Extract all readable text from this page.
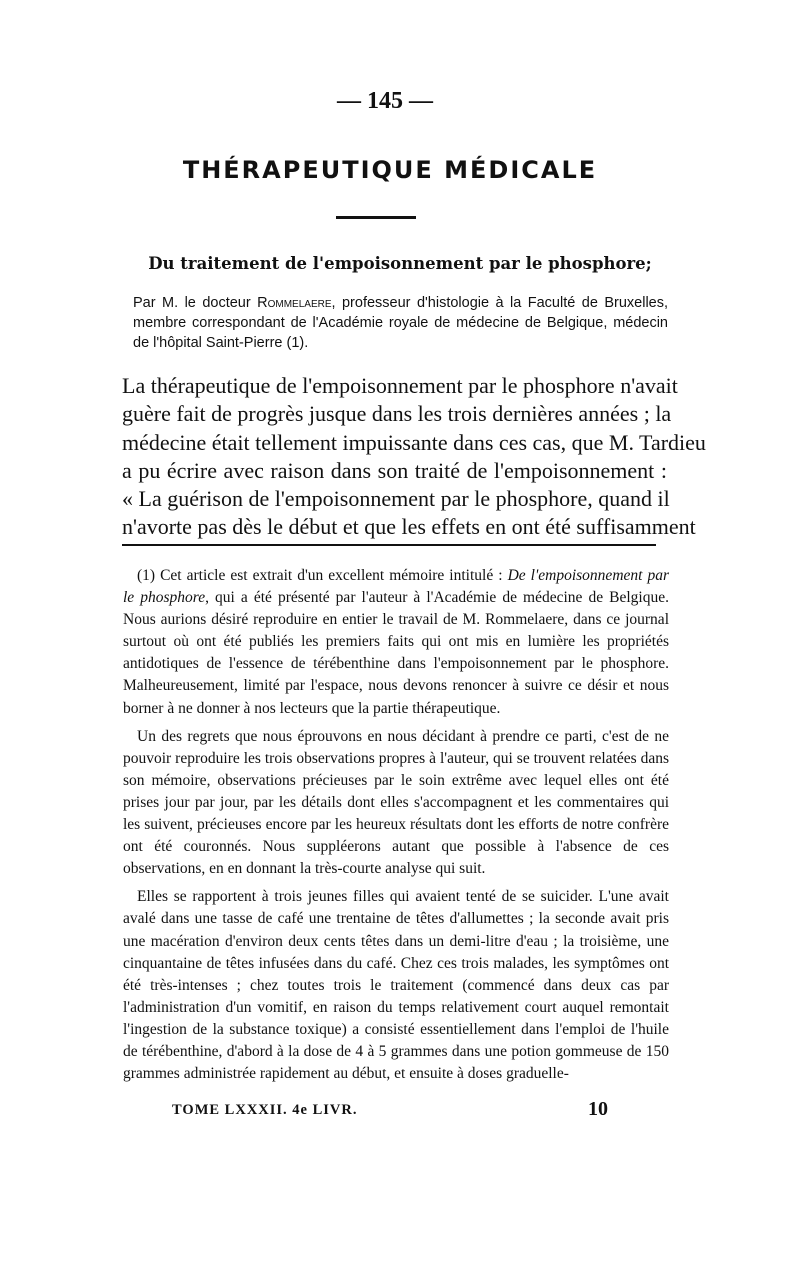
— 145 —
THÉRAPEUTIQUE MÉDICALE
Du traitement de l'empoisonnement par le phosphore;
Par M. le docteur Rommelaere, professeur d'histologie à la Faculté de Bruxelles, membre correspondant de l'Académie royale de médecine de Belgique, médecin de l'hôpital Saint-Pierre (1).
La thérapeutique de l'empoisonnement par le phosphore n'avait
guère fait de progrès jusque dans les trois dernières années ; la
médecine était tellement impuissante dans ces cas, que M. Tardieu
a pu écrire avec raison dans son traité de l'empoisonnement :
« La guérison de l'empoisonnement par le phosphore, quand il
n'avorte pas dès le début et que les effets en ont été suffisamment

(1) Cet article est extrait d'un excellent mémoire intitulé : De l'empoisonnement par le phosphore, qui a été présenté par l'auteur à l'Académie de médecine de Belgique. Nous aurions désiré reproduire en entier le travail de M. Rommelaere, dans ce journal surtout où ont été publiés les premiers faits qui ont mis en lumière les propriétés antidotiques de l'essence de térébenthine dans l'empoisonnement par le phosphore. Malheureusement, limité par l'espace, nous devons renoncer à suivre ce désir et nous borner à ne donner à nos lecteurs que la partie thérapeutique.

Un des regrets que nous éprouvons en nous décidant à prendre ce parti, c'est de ne pouvoir reproduire les trois observations propres à l'auteur, qui se trouvent relatées dans son mémoire, observations précieuses par le soin extrême avec lequel elles ont été prises jour par jour, par les détails dont elles s'accompagnent et les commentaires qui les suivent, précieuses encore par les heureux résultats dont les efforts de notre confrère ont été couronnés. Nous suppléerons autant que possible à l'absence de ces observations, en en donnant la très-courte analyse qui suit.

Elles se rapportent à trois jeunes filles qui avaient tenté de se suicider. L'une avait avalé dans une tasse de café une trentaine de têtes d'allumettes ; la seconde avait pris une macération d'environ deux cents têtes dans un demi-litre d'eau ; la troisième, une cinquantaine de têtes infusées dans du café. Chez ces trois malades, les symptômes ont été très-intenses ; chez toutes trois le traitement (commencé dans deux cas par l'administration d'un vomitif, en raison du temps relativement court auquel remontait l'ingestion de la substance toxique) a consisté essentiellement dans l'emploi de l'huile de térébenthine, d'abord à la dose de 4 à 5 grammes dans une potion gommeuse de 150 grammes administrée rapidement au début, et ensuite à doses graduelle-

TOME LXXXII. 4e LIVR.	10
